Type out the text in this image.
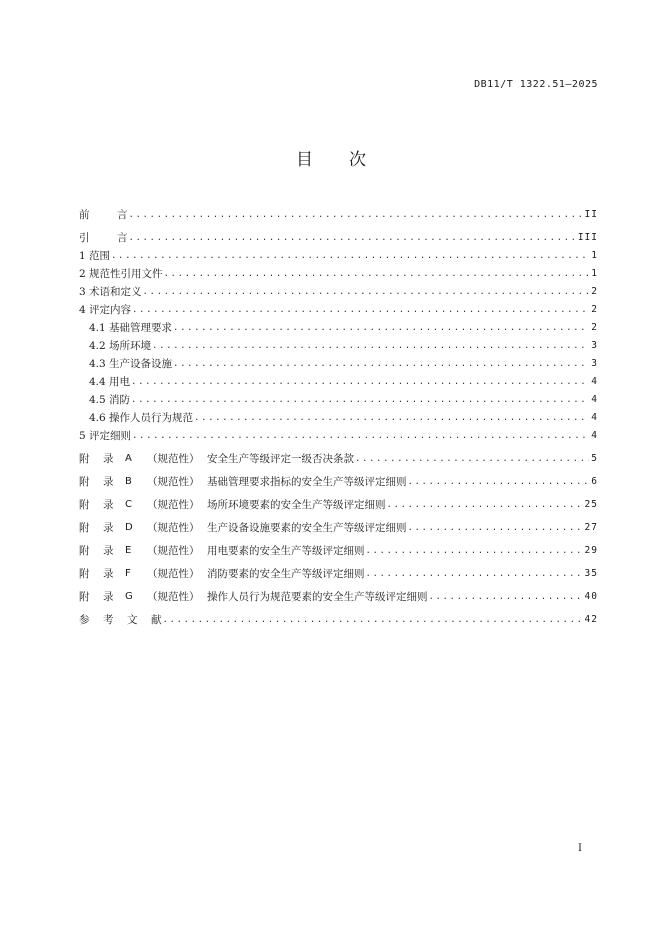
DB11/T 1322.51—2025
目 次
前	言 .....	II
引	言 .....	III
1 范围 .....	1
2 规范性引用文件 .....	1
3 术语和定义 .....	2
4 评定内容 .....	2
4.1 基础管理要求 .....	2
4.2 场所环境 .....	3
4.3 生产设备设施 .....	3
4.4 用电 .....	4
4.5 消防 .....	4
4.6 操作人员行为规范 .....	4
5 评定细则 .....	4
附	录	A	（规范性） 安全生产等级评定一级否决条款 .....	5
附	录	B	（规范性） 基础管理要求指标的安全生产等级评定细则 .....	6
附	录	C	（规范性） 场所环境要素的安全生产等级评定细则 .....	25
附	录	D	（规范性） 生产设备设施要素的安全生产等级评定细则 .....	27
附	录	E	（规范性） 用电要素的安全生产等级评定细则 .....	29
附	录	F	（规范性） 消防要素的安全生产等级评定细则 .....	35
附	录	G	（规范性） 操作人员行为规范要素的安全生产等级评定细则 .....	40
参	考	文	献 .....	42
I
